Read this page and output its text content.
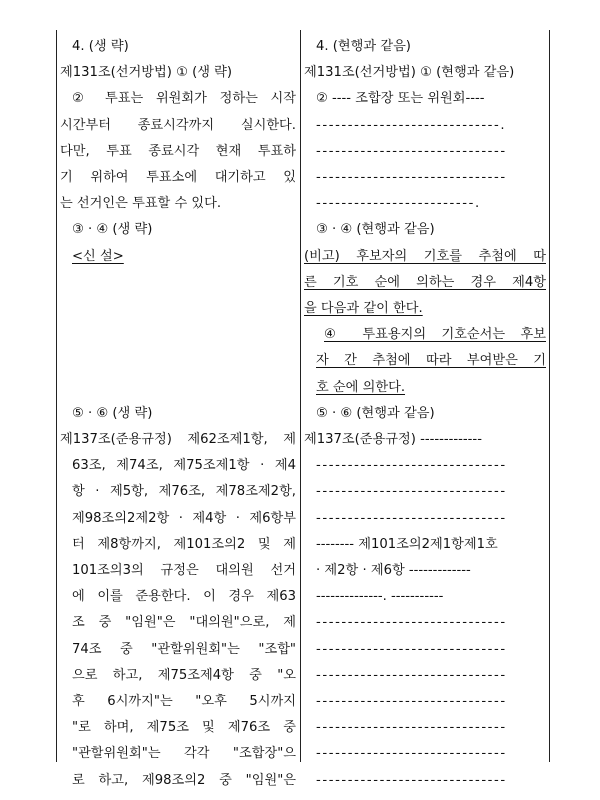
4. (생 략)
제131조(선거방법) ① (생 략)
② 투표는 위원회가 정하는 시작
시간부터 종료시각까지 실시한다.
다만, 투표 종료시각 현재 투표하
기 위하여 투표소에 대기하고 있
는 선거인은 투표할 수 있다.
③ · ④ (생 략)
<신 설>
⑤ · ⑥ (생 략)
제137조(준용규정) 제62조제1항, 제
63조, 제74조, 제75조제1항 · 제4
항 · 제5항, 제76조, 제78조제2항,
제98조의2제2항 · 제4항 · 제6항부
터 제8항까지, 제101조의2 및 제
101조의3의 규정은 대의원 선거
에 이를 준용한다. 이 경우 제63
조 중 "임원"은 "대의원"으로, 제
74조 중 "관할위원회"는 "조합"
으로 하고, 제75조제4항 중 "오
후 6시까지"는 "오후 5시까지
"로 하며, 제75조 및 제76조 중
"관할위원회"는 각각 "조합장"으
로 하고, 제98조의2 중 "임원"은
4. (현행과 같음)
제131조(선거방법) ① (현행과 같음)
② ---- 조합장 또는 위원회----
-----------------------------.
------------------------------
------------------------------
-------------------------.
③ · ④ (현행과 같음)
(비고) 후보자의 기호를 추첨에 따
른 기호 순에 의하는 경우 제4항
을 다음과 같이 한다.
④ 투표용지의 기호순서는 후보
자 간 추첨에 따라 부여받은 기
호 순에 의한다.
⑤ · ⑥ (현행과 같음)
제137조(준용규정) -------------
------------------------------
------------------------------
------------------------------
-------- 제101조의2제1항제1호
· 제2항 · 제6항 -------------
--------------. -----------
------------------------------
------------------------------
------------------------------
------------------------------
------------------------------
------------------------------
------------------------------
